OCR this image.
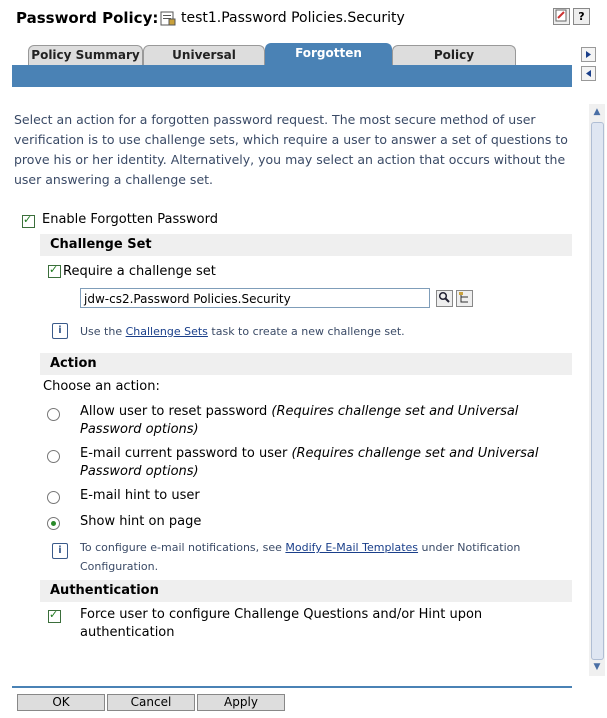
Password Policy: test1.Password Policies.Security	?
Policy Summary	Universal	Forgotten	Policy
Select an action for a forgotten password request. The most secure method of user verification is to use challenge sets, which require a user to answer a set of questions to prove his or her identity. Alternatively, you may select an action that occurs without the user answering a challenge set.
✓
Enable Forgotten Password
Challenge Set
✓
Require a challenge set
jdw-cs2.Password Policies.Security
i	Use the Challenge Sets task to create a new challenge set.
Action
Choose an action:
Allow user to reset password (Requires challenge set and Universal Password options)
E-mail current password to user (Requires challenge set and Universal Password options)
E-mail hint to user
Show hint on page
i	To configure e-mail notifications, see Modify E-Mail Templates under Notification Configuration.
Authentication
✓
Force user to configure Challenge Questions and/or Hint upon authentication
▲
▼
OK	Cancel	Apply
